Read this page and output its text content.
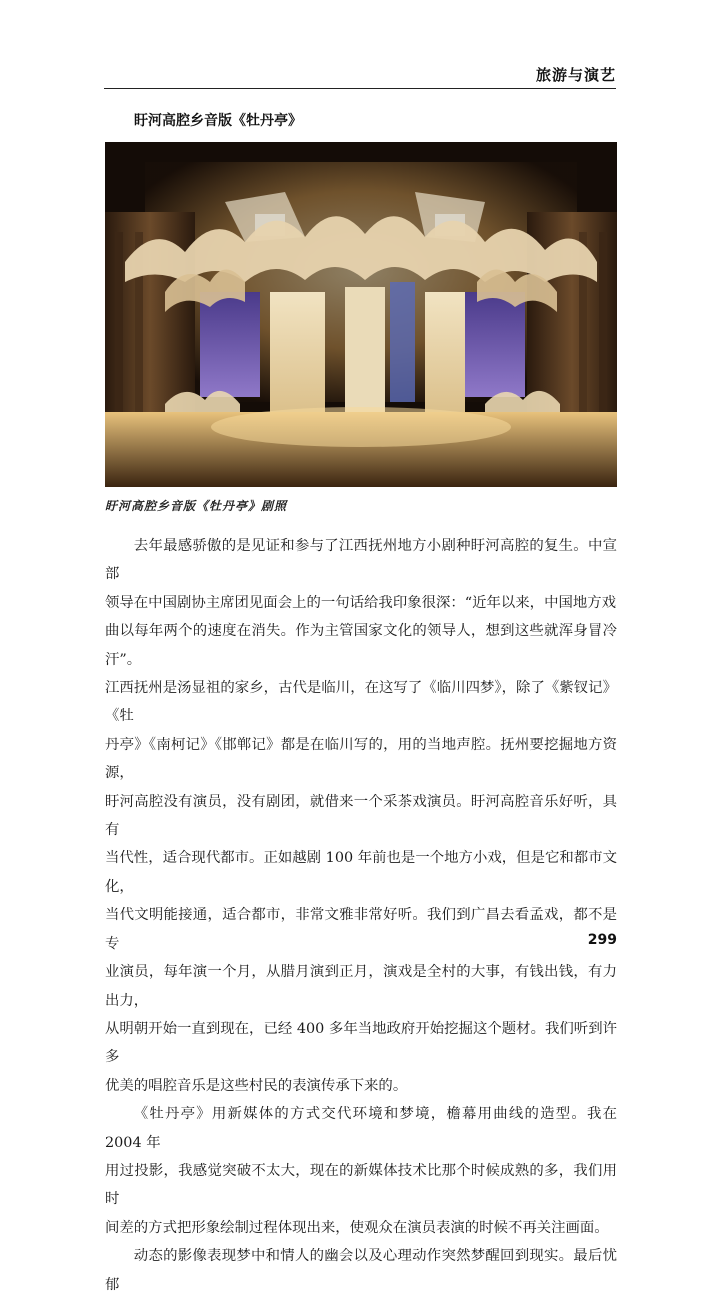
旅游与演艺
盱河高腔乡音版《牡丹亭》
盱河高腔乡音版《牡丹亭》剧照

去年最感骄傲的是见证和参与了江西抚州地方小剧种盱河高腔的复生。中宣部
领导在中国剧协主席团见面会上的一句话给我印象很深：“近年以来，中国地方戏
曲以每年两个的速度在消失。作为主管国家文化的领导人，想到这些就浑身冒冷汗”。
江西抚州是汤显祖的家乡，古代是临川，在这写了《临川四梦》，除了《紫钗记》《牡
丹亭》《南柯记》《邯郸记》都是在临川写的，用的当地声腔。抚州要挖掘地方资源，
盱河高腔没有演员，没有剧团，就借来一个采茶戏演员。盱河高腔音乐好听，具有
当代性，适合现代都市。正如越剧 100 年前也是一个地方小戏，但是它和都市文化，
当代文明能接通，适合都市，非常文雅非常好听。我们到广昌去看孟戏，都不是专
业演员，每年演一个月，从腊月演到正月，演戏是全村的大事，有钱出钱，有力出力，
从明朝开始一直到现在，已经 400 多年当地政府开始挖掘这个题材。我们听到许多
优美的唱腔音乐是这些村民的表演传承下来的。

《牡丹亭》用新媒体的方式交代环境和梦境，檐幕用曲线的造型。我在 2004 年
用过投影，我感觉突破不太大，现在的新媒体技术比那个时候成熟的多，我们用时
间差的方式把形象绘制过程体现出来，使观众在演员表演的时候不再关注画面。

动态的影像表现梦中和情人的幽会以及心理动作突然梦醒回到现实。最后忧郁

299
